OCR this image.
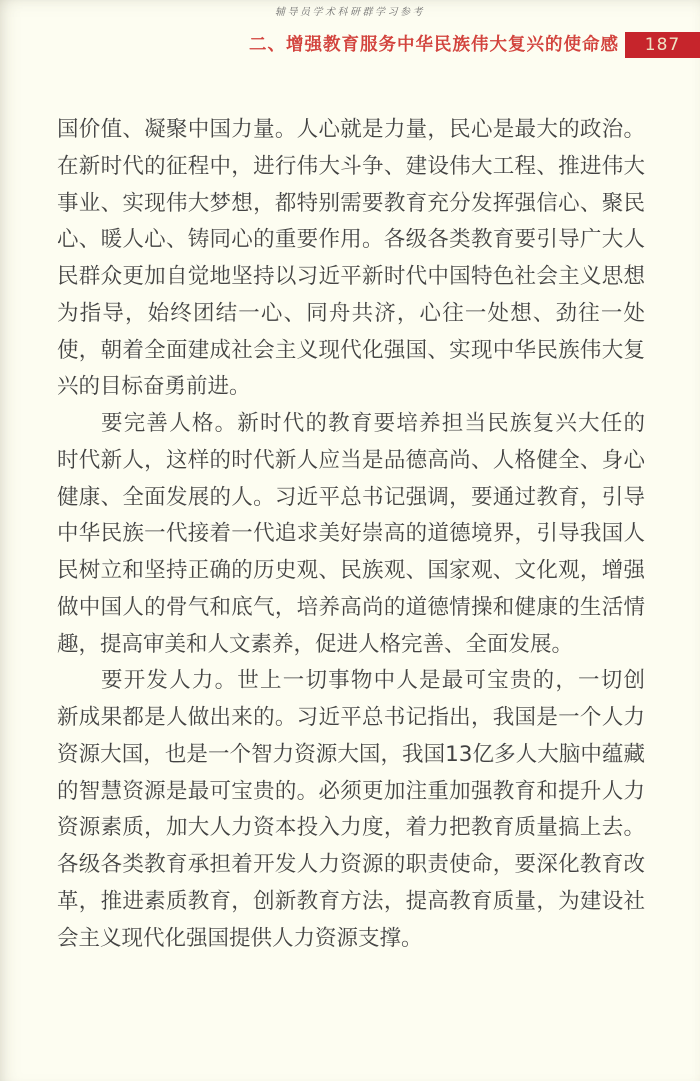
辅导员学术科研群学习参考
二、增强教育服务中华民族伟大复兴的使命感 187
国价值、凝聚中国力量。人心就是力量，民心是最大的政治。
在新时代的征程中，进行伟大斗争、建设伟大工程、推进伟大
事业、实现伟大梦想，都特别需要教育充分发挥强信心、聚民
心、暖人心、铸同心的重要作用。各级各类教育要引导广大人
民群众更加自觉地坚持以习近平新时代中国特色社会主义思想
为指导，始终团结一心、同舟共济，心往一处想、劲往一处
使，朝着全面建成社会主义现代化强国、实现中华民族伟大复
兴的目标奋勇前进。
要完善人格。新时代的教育要培养担当民族复兴大任的
时代新人，这样的时代新人应当是品德高尚、人格健全、身心
健康、全面发展的人。习近平总书记强调，要通过教育，引导
中华民族一代接着一代追求美好崇高的道德境界，引导我国人
民树立和坚持正确的历史观、民族观、国家观、文化观，增强
做中国人的骨气和底气，培养高尚的道德情操和健康的生活情
趣，提高审美和人文素养，促进人格完善、全面发展。
要开发人力。世上一切事物中人是最可宝贵的，一切创
新成果都是人做出来的。习近平总书记指出，我国是一个人力
资源大国，也是一个智力资源大国，我国13亿多人大脑中蕴藏
的智慧资源是最可宝贵的。必须更加注重加强教育和提升人力
资源素质，加大人力资本投入力度，着力把教育质量搞上去。
各级各类教育承担着开发人力资源的职责使命，要深化教育改
革，推进素质教育，创新教育方法，提高教育质量，为建设社
会主义现代化强国提供人力资源支撑。
